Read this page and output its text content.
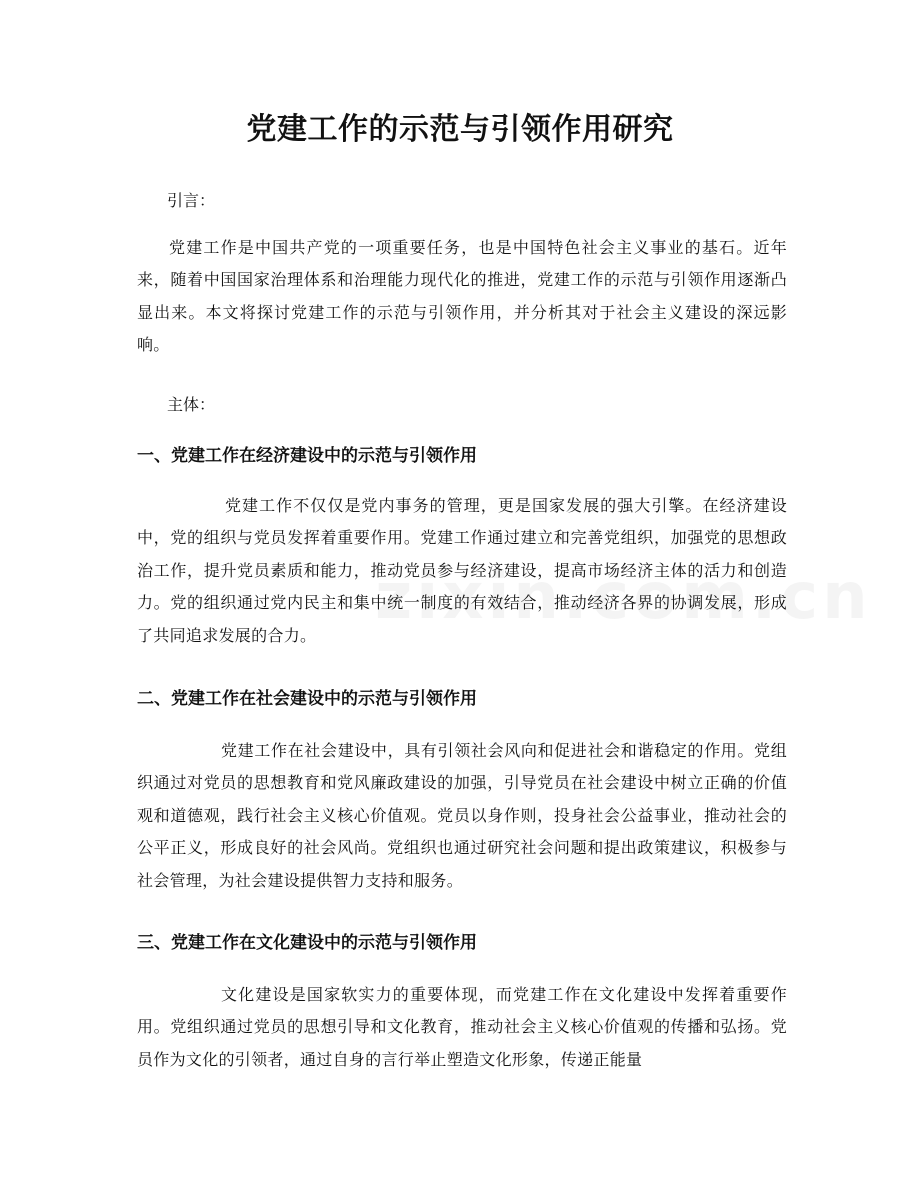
党建工作的示范与引领作用研究
引言：
党建工作是中国共产党的一项重要任务，也是中国特色社会主义事业的基石。近年来，随着中国国家治理体系和治理能力现代化的推进，党建工作的示范与引领作用逐渐凸显出来。本文将探讨党建工作的示范与引领作用，并分析其对于社会主义建设的深远影响。
主体：
一、党建工作在经济建设中的示范与引领作用
党建工作不仅仅是党内事务的管理，更是国家发展的强大引擎。在经济建设中，党的组织与党员发挥着重要作用。党建工作通过建立和完善党组织，加强党的思想政治工作，提升党员素质和能力，推动党员参与经济建设，提高市场经济主体的活力和创造力。党的组织通过党内民主和集中统一制度的有效结合，推动经济各界的协调发展，形成了共同追求发展的合力。
二、党建工作在社会建设中的示范与引领作用
党建工作在社会建设中，具有引领社会风向和促进社会和谐稳定的作用。党组织通过对党员的思想教育和党风廉政建设的加强，引导党员在社会建设中树立正确的价值观和道德观，践行社会主义核心价值观。党员以身作则，投身社会公益事业，推动社会的公平正义，形成良好的社会风尚。党组织也通过研究社会问题和提出政策建议，积极参与社会管理，为社会建设提供智力支持和服务。
三、党建工作在文化建设中的示范与引领作用
文化建设是国家软实力的重要体现，而党建工作在文化建设中发挥着重要作用。党组织通过党员的思想引导和文化教育，推动社会主义核心价值观的传播和弘扬。党员作为文化的引领者，通过自身的言行举止塑造文化形象，传递正能量
